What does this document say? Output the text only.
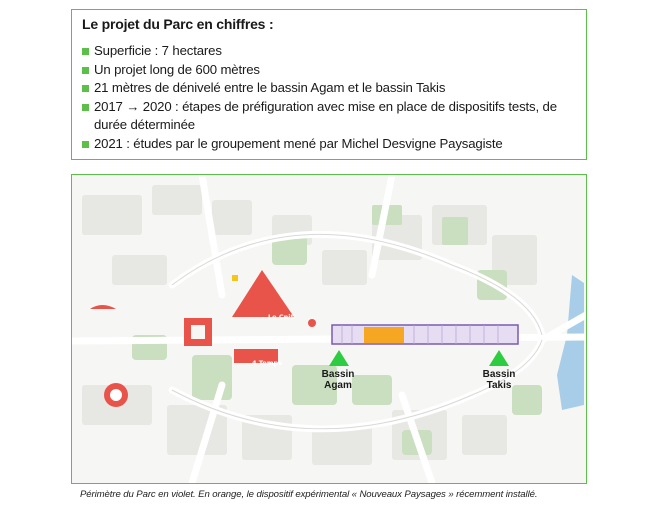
Le projet du Parc en chiffres :
Superficie : 7 hectares
Un projet long de 600 mètres
21 mètres de dénivelé entre le bassin Agam et le bassin Takis
2017 → 2020 : étapes de préfiguration avec mise en place de dispositifs tests, de durée déterminée
2021 : études par le groupement mené par Michel Desvigne Paysagiste
Le Cnit
4 Temps
Bassin
Agam
Bassin
Takis
Périmètre du Parc en violet. En orange, le dispositif expérimental « Nouveaux Paysages » récemment installé.
